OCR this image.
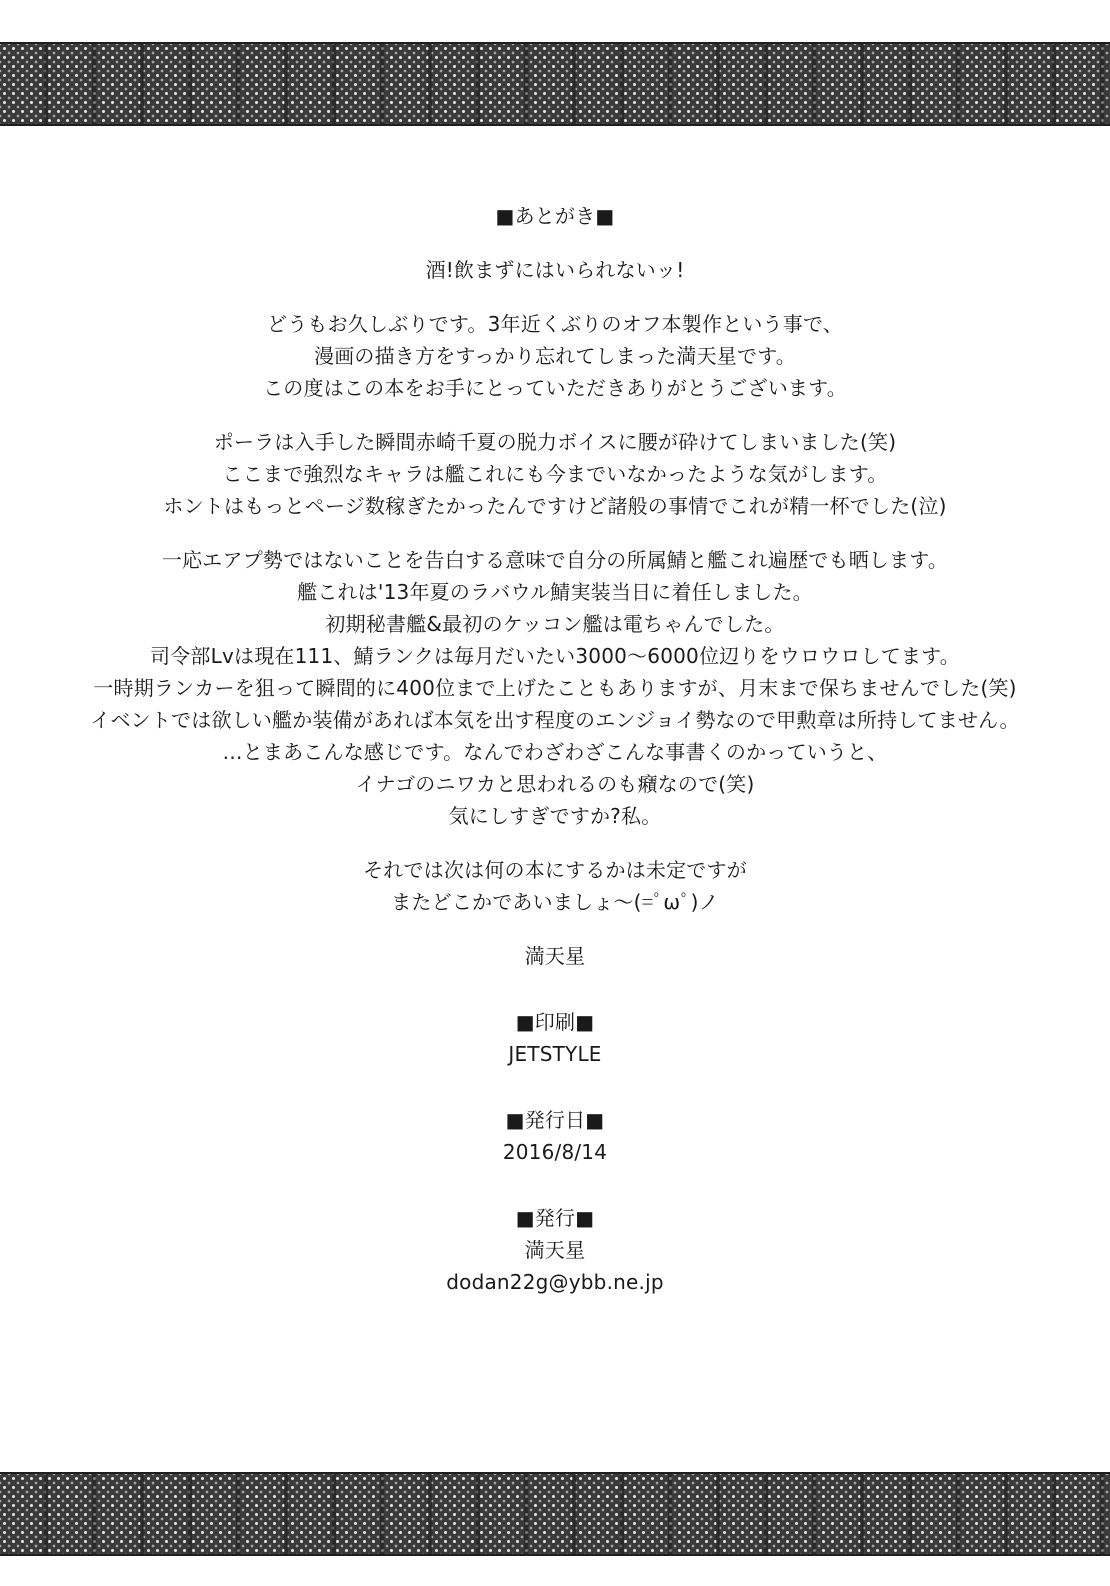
■あとがき■
酒!飲まずにはいられないッ!
どうもお久しぶりです。3年近くぶりのオフ本製作という事で、
漫画の描き方をすっかり忘れてしまった満天星です。
この度はこの本をお手にとっていただきありがとうございます。
ポーラは入手した瞬間赤崎千夏の脱力ボイスに腰が砕けてしまいました(笑)
ここまで強烈なキャラは艦これにも今までいなかったような気がします。
ホントはもっとページ数稼ぎたかったんですけど諸般の事情でこれが精一杯でした(泣)
一応エアプ勢ではないことを告白する意味で自分の所属鯖と艦これ遍歴でも晒します。
艦これは'13年夏のラバウル鯖実装当日に着任しました。
初期秘書艦&最初のケッコン艦は電ちゃんでした。
司令部Lvは現在111、鯖ランクは毎月だいたい3000～6000位辺りをウロウロしてます。
一時期ランカーを狙って瞬間的に400位まで上げたこともありますが、月末まで保ちませんでした(笑)
イベントでは欲しい艦か装備があれば本気を出す程度のエンジョイ勢なので甲勲章は所持してません。
…とまあこんな感じです。なんでわざわざこんな事書くのかっていうと、
イナゴのニワカと思われるのも癪なので(笑)
気にしすぎですか?私。
それでは次は何の本にするかは未定ですが
またどこかであいましょ～(=ﾟωﾟ)ノ
満天星
■印刷■
JETSTYLE
■発行日■
2016/8/14
■発行■
満天星
dodan22g@ybb.ne.jp
